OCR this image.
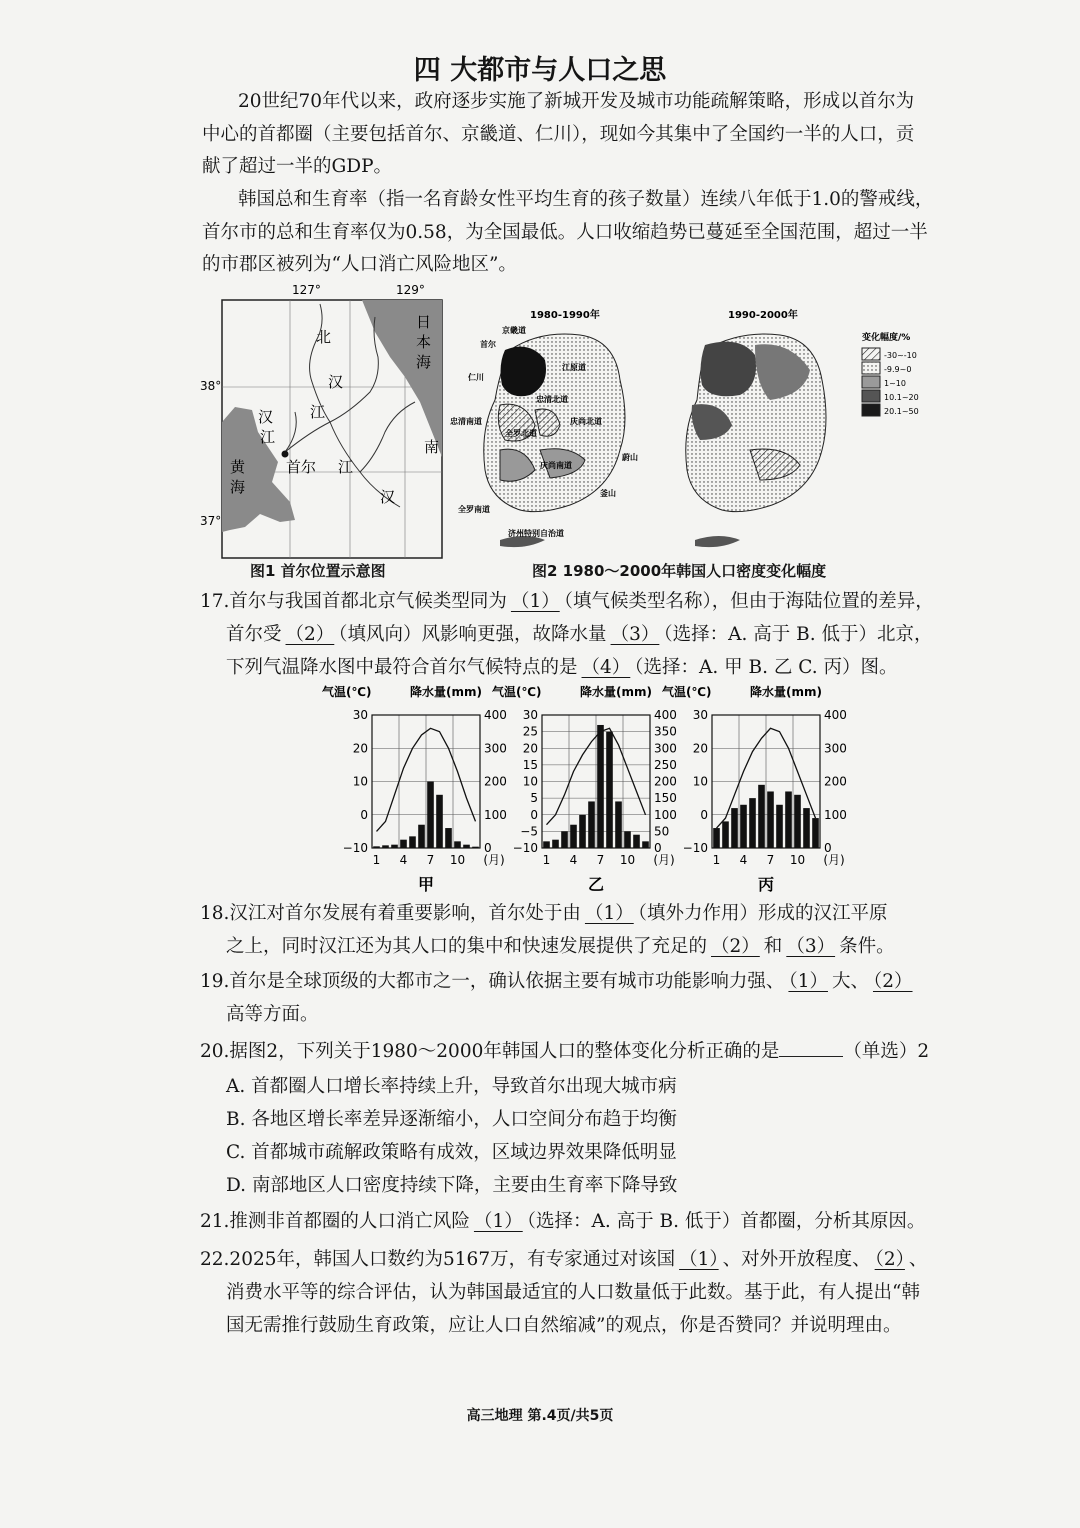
四 大都市与人口之思
20世纪70年代以来，政府逐步实施了新城开发及城市功能疏解策略，形成以首尔为
中心的首都圈（主要包括首尔、京畿道、仁川），现如今其集中了全国约一半的人口，贡
献了超过一半的GDP。
韩国总和生育率（指一名育龄女性平均生育的孩子数量）连续八年低于1.0的警戒线，
首尔市的总和生育率仅为0.58，为全国最低。人口收缩趋势已蔓延至全国范围，超过一半
的市郡区被列为“人口消亡风险地区”。
127°	129°
38°
37°
北
汉
江
汉
江
首尔 江
汉
南
黄
海
日
本
海
图1 首尔位置示意图
1980-1990年
京畿道
首尔
仁川
江原道
忠清北道
忠清南道	庆尚北道
全罗北道
庆尚南道
釜山
全罗南道
蔚山
济州特别自治道
1990-2000年
变化幅度/%
-30~-10
-9.9~0
1~10
10.1~20
20.1~50
图2 1980～2000年韩国人口密度变化幅度
17.首尔与我国首都北京气候类型同为 （1） （填气候类型名称），但由于海陆位置的差异，
首尔受 （2） （填风向）风影响更强，故降水量 （3） （选择：A. 高于 B. 低于）北京，
下列气温降水图中最符合首尔气候特点的是 （4） （选择：A. 甲 B. 乙 C. 丙）图。
气温(℃)	降水量(mm)
30
20
10
0
−10
400
300
200
100
0
1 4 7 10 (月)
甲
气温(℃)	降水量(mm)
30
25
20
15
10
5
0
−5
−10
400
350
300
250
200
150
100
50
0
1 4 7 10 (月)
乙
气温(℃)	降水量(mm)
30
20
10
0
−10
400
300
200
100
0
1 4 7 10 (月)
丙
18.汉江对首尔发展有着重要影响，首尔处于由 （1） （填外力作用）形成的汉江平原
之上，同时汉江还为其人口的集中和快速发展提供了充足的 （2） 和 （3） 条件。
19.首尔是全球顶级的大都市之一，确认依据主要有城市功能影响力强、 （1） 大、 （2）
高等方面。
20.据图2，下列关于1980～2000年韩国人口的整体变化分析正确的是	（单选）2
A. 首都圈人口增长率持续上升，导致首尔出现大城市病
B. 各地区增长率差异逐渐缩小，人口空间分布趋于均衡
C. 首都城市疏解政策略有成效，区域边界效果降低明显
D. 南部地区人口密度持续下降，主要由生育率下降导致
21.推测非首都圈的人口消亡风险 （1） （选择：A. 高于 B. 低于）首都圈，分析其原因。
22.2025年，韩国人口数约为5167万，有专家通过对该国 （1） 、对外开放程度、 （2） 、
消费水平等的综合评估，认为韩国最适宜的人口数量低于此数。基于此，有人提出“韩
国无需推行鼓励生育政策，应让人口自然缩减”的观点，你是否赞同？并说明理由。
高三地理 第.4页/共5页
